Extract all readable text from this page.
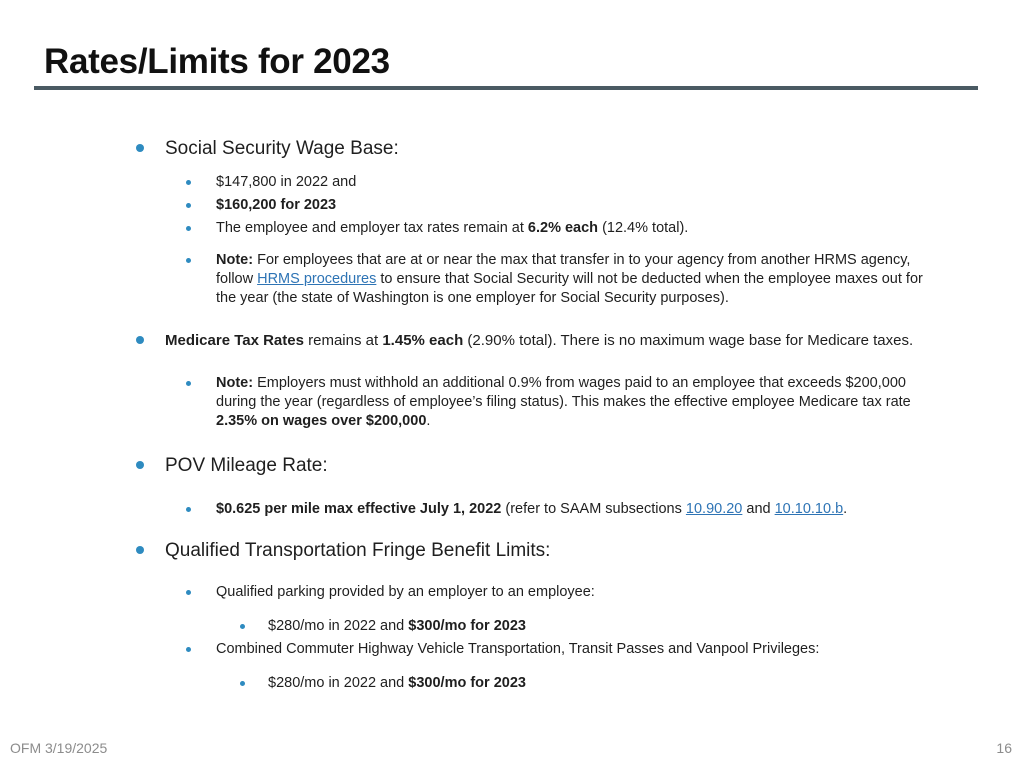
Rates/Limits for 2023
Social Security Wage Base:
$147,800 in 2022 and
$160,200 for 2023
The employee and employer tax rates remain at 6.2% each (12.4% total).
Note: For employees that are at or near the max that transfer in to your agency from another HRMS agency,
follow HRMS procedures to ensure that Social Security will not be deducted when the employee maxes out for
the year (the state of Washington is one employer for Social Security purposes).
Medicare Tax Rates remains at 1.45% each (2.90% total). There is no maximum wage base for Medicare taxes.
Note: Employers must withhold an additional 0.9% from wages paid to an employee that exceeds $200,000
during the year (regardless of employee’s filing status). This makes the effective employee Medicare tax rate
2.35% on wages over $200,000.
POV Mileage Rate:
$0.625 per mile max effective July 1, 2022 (refer to SAAM subsections 10.90.20 and 10.10.10.b.
Qualified Transportation Fringe Benefit Limits:
Qualified parking provided by an employer to an employee:
$280/mo in 2022 and $300/mo for 2023
Combined Commuter Highway Vehicle Transportation, Transit Passes and Vanpool Privileges:
$280/mo in 2022 and $300/mo for 2023
OFM 3/19/2025	16
